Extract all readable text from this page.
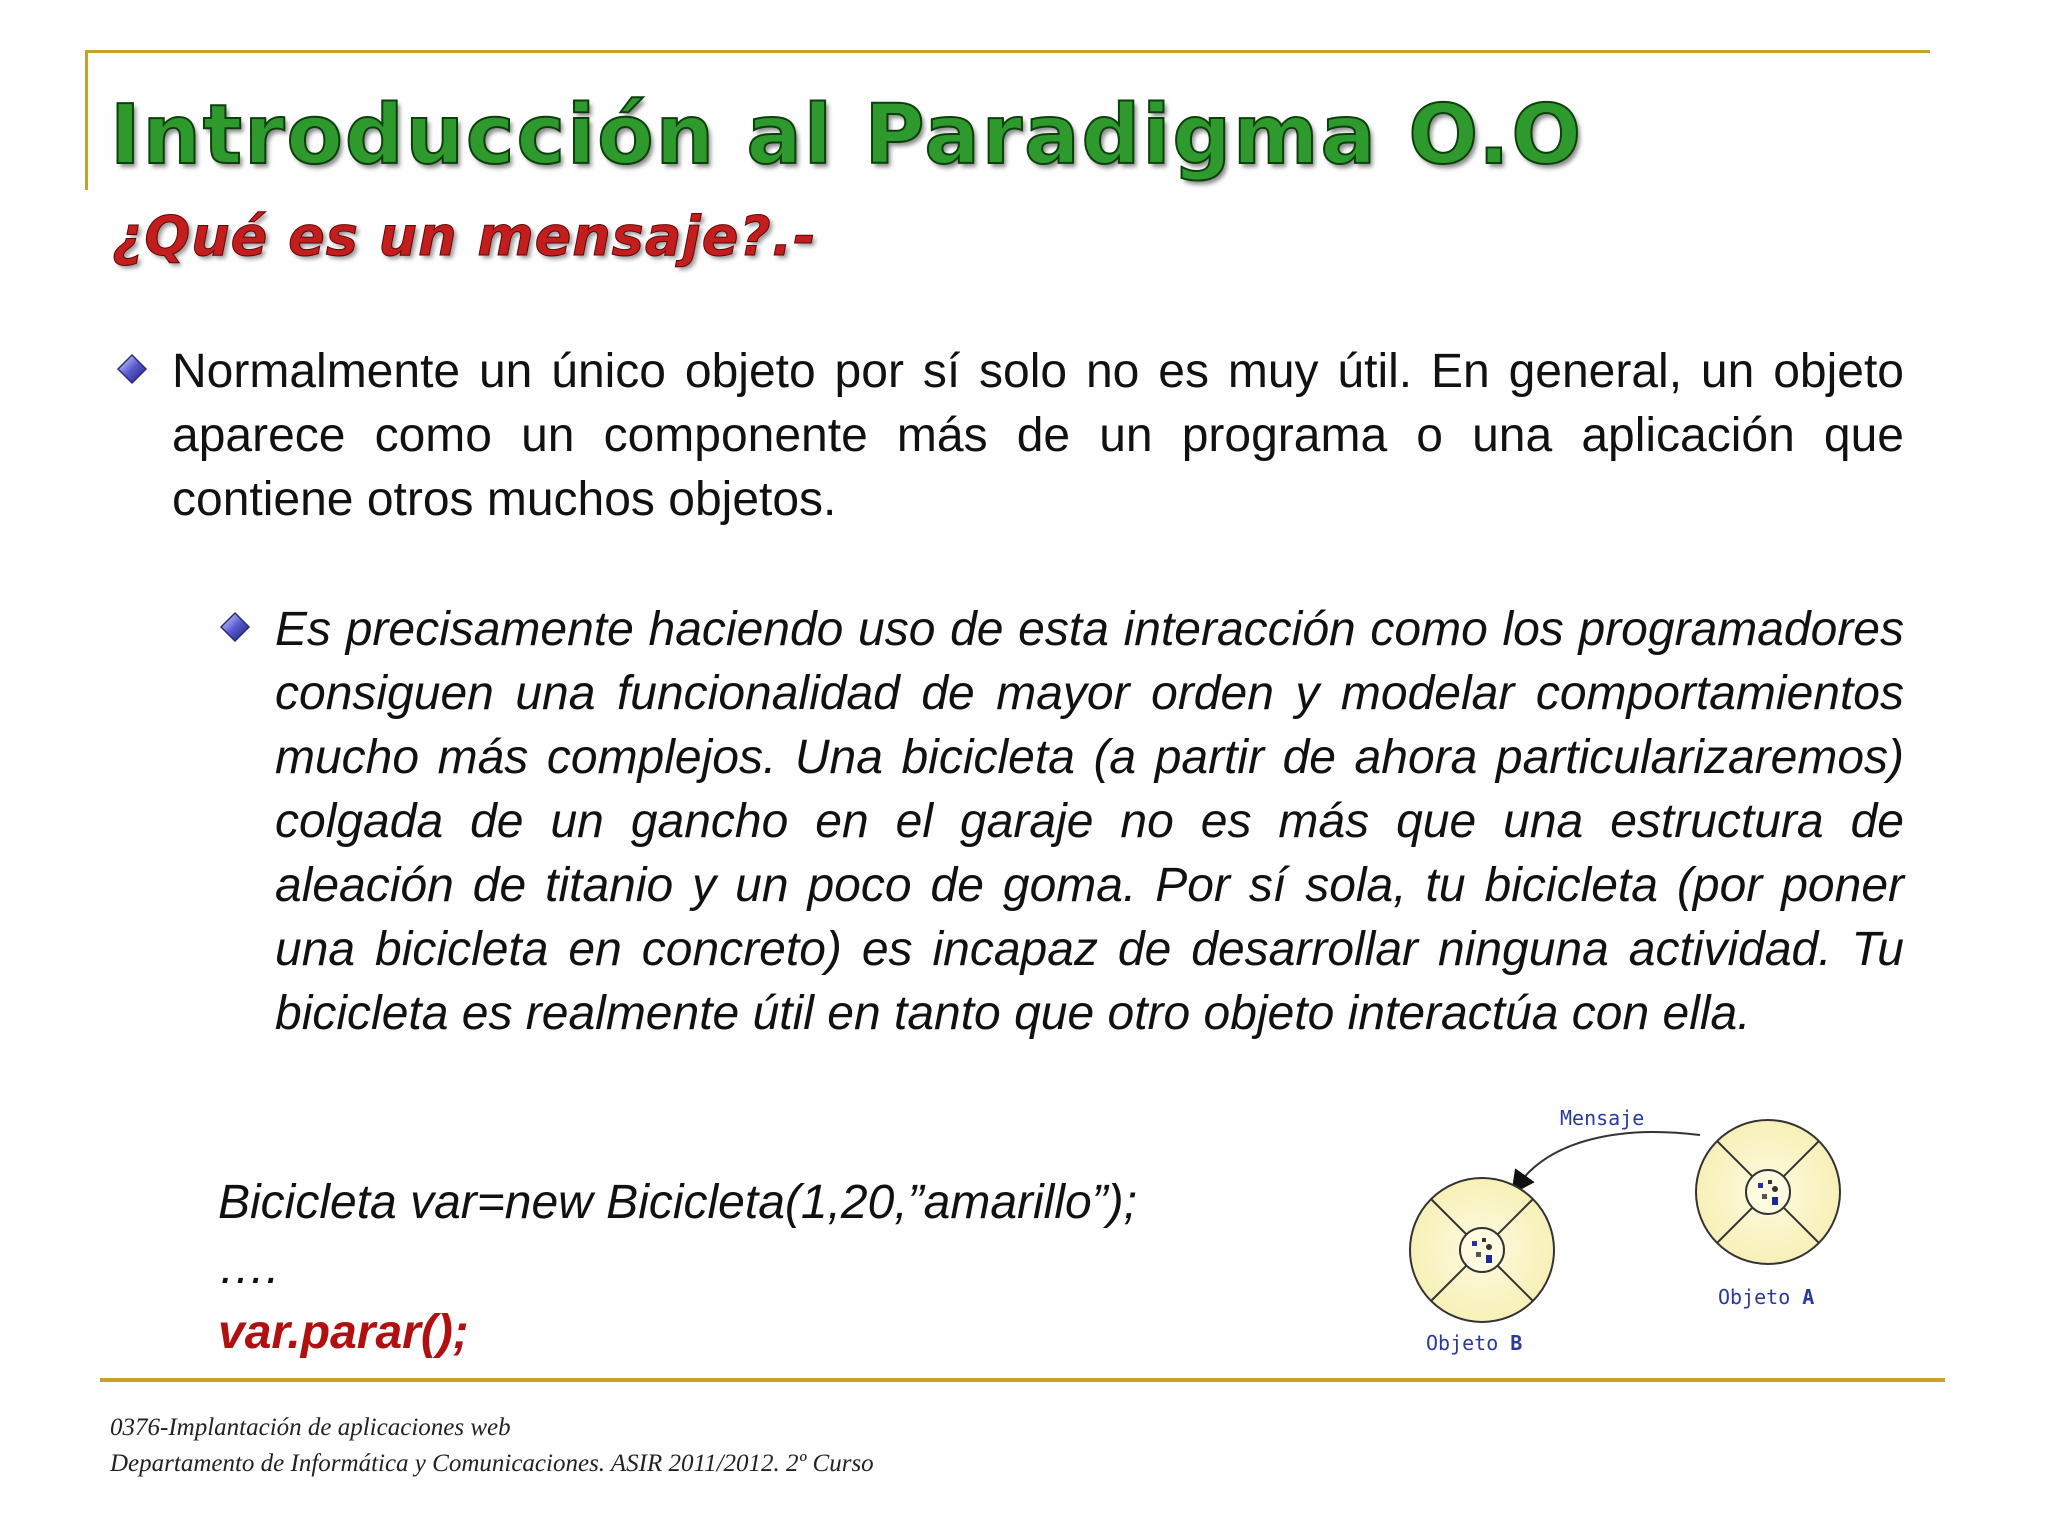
Introducción al Paradigma O.O
¿Qué es un mensaje?.-
Normalmente un único objeto por sí solo no es muy útil. En general, un objeto aparece como un componente más de un programa o una aplicación que contiene otros muchos objetos.
Es precisamente haciendo uso de esta interacción como los programadores consiguen una funcionalidad de mayor orden y modelar comportamientos mucho más complejos. Una bicicleta (a partir de ahora particularizaremos) colgada de un gancho en el garaje no es más que una estructura de aleación de titanio y un poco de goma. Por sí sola, tu bicicleta (por poner una bicicleta en concreto) es incapaz de desarrollar ninguna actividad. Tu bicicleta es realmente útil en tanto que otro objeto interactúa con ella.
Bicicleta var=new Bicicleta(1,20,”amarillo”);
….
var.parar();
Mensaje
Objeto B
Objeto A
0376-Implantación de aplicaciones web
Departamento de Informática y Comunicaciones. ASIR 2011/2012. 2º Curso
